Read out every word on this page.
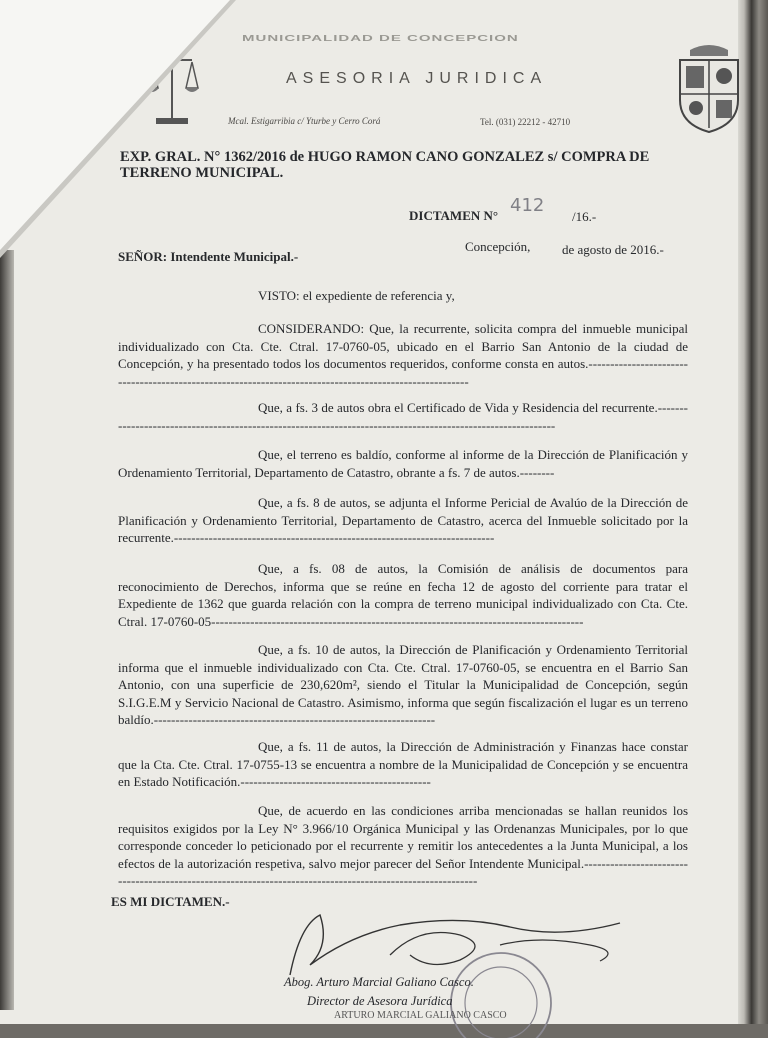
MUNICIPALIDAD DE CONCEPCION
ASESORIA JURIDICA
Mcal. Estigarribia c/ Yturbe y Cerro Corá	Tel. (031) 22212 - 42710
EXP. GRAL. N° 1362/2016 de HUGO RAMON CANO GONZALEZ s/ COMPRA DE TERRENO MUNICIPAL.
DICTAMEN N° 412
/16.-
Concepción, de agosto de 2016.-
SEÑOR: Intendente Municipal.-
VISTO: el expediente de referencia y,
CONSIDERANDO: Que, la recurrente, solicita compra del inmueble municipal individualizado con Cta. Cte. Ctral. 17-0760-05, ubicado en el Barrio San Antonio de la ciudad de Concepción, y ha presentado todos los documentos requeridos, conforme consta en autos.--------------------------------------------------------------------------------------------------------
Que, a fs. 3 de autos obra el Certificado de Vida y Residencia del recurrente.------------------------------------------------------------------------------------------------------------
Que, el terreno es baldío, conforme al informe de la Dirección de Planificación y Ordenamiento Territorial, Departamento de Catastro, obrante a fs. 7 de autos.--------
Que, a fs. 8 de autos, se adjunta el Informe Pericial de Avalúo de la Dirección de Planificación y Ordenamiento Territorial, Departamento de Catastro, acerca del Inmueble solicitado por la recurrente.--------------------------------------------------------------------------
Que, a fs. 08 de autos, la Comisión de análisis de documentos para reconocimiento de Derechos, informa que se reúne en fecha 12 de agosto del corriente para tratar el Expediente de 1362 que guarda relación con la compra de terreno municipal individualizado con Cta. Cte. Ctral. 17-0760-05--------------------------------------------------------------------------------------
Que, a fs. 10 de autos, la Dirección de Planificación y Ordenamiento Territorial informa que el inmueble individualizado con Cta. Cte. Ctral. 17-0760-05, se encuentra en el Barrio San Antonio, con una superficie de 230,620m², siendo el Titular la Municipalidad de Concepción, según S.I.G.E.M y Servicio Nacional de Catastro. Asimismo, informa que según fiscalización el lugar es un terreno baldío.-----------------------------------------------------------------
Que, a fs. 11 de autos, la Dirección de Administración y Finanzas hace constar que la Cta. Cte. Ctral. 17-0755-13 se encuentra a nombre de la Municipalidad de Concepción y se encuentra en Estado Notificación.--------------------------------------------
Que, de acuerdo en las condiciones arriba mencionadas se hallan reunidos los requisitos exigidos por la Ley N° 3.966/10 Orgánica Municipal y las Ordenanzas Municipales, por lo que corresponde conceder lo peticionado por el recurrente y remitir los antecedentes a la Junta Municipal, a los efectos de la autorización respetiva, salvo mejor parecer del Señor Intendente Municipal.-----------------------------------------------------------------------------------------------------------
ES MI DICTAMEN.-
Abog. Arturo Marcial Galiano Casco.
Director de Asesora Jurídica
ARTURO MARCIAL GALIANO CASCO
